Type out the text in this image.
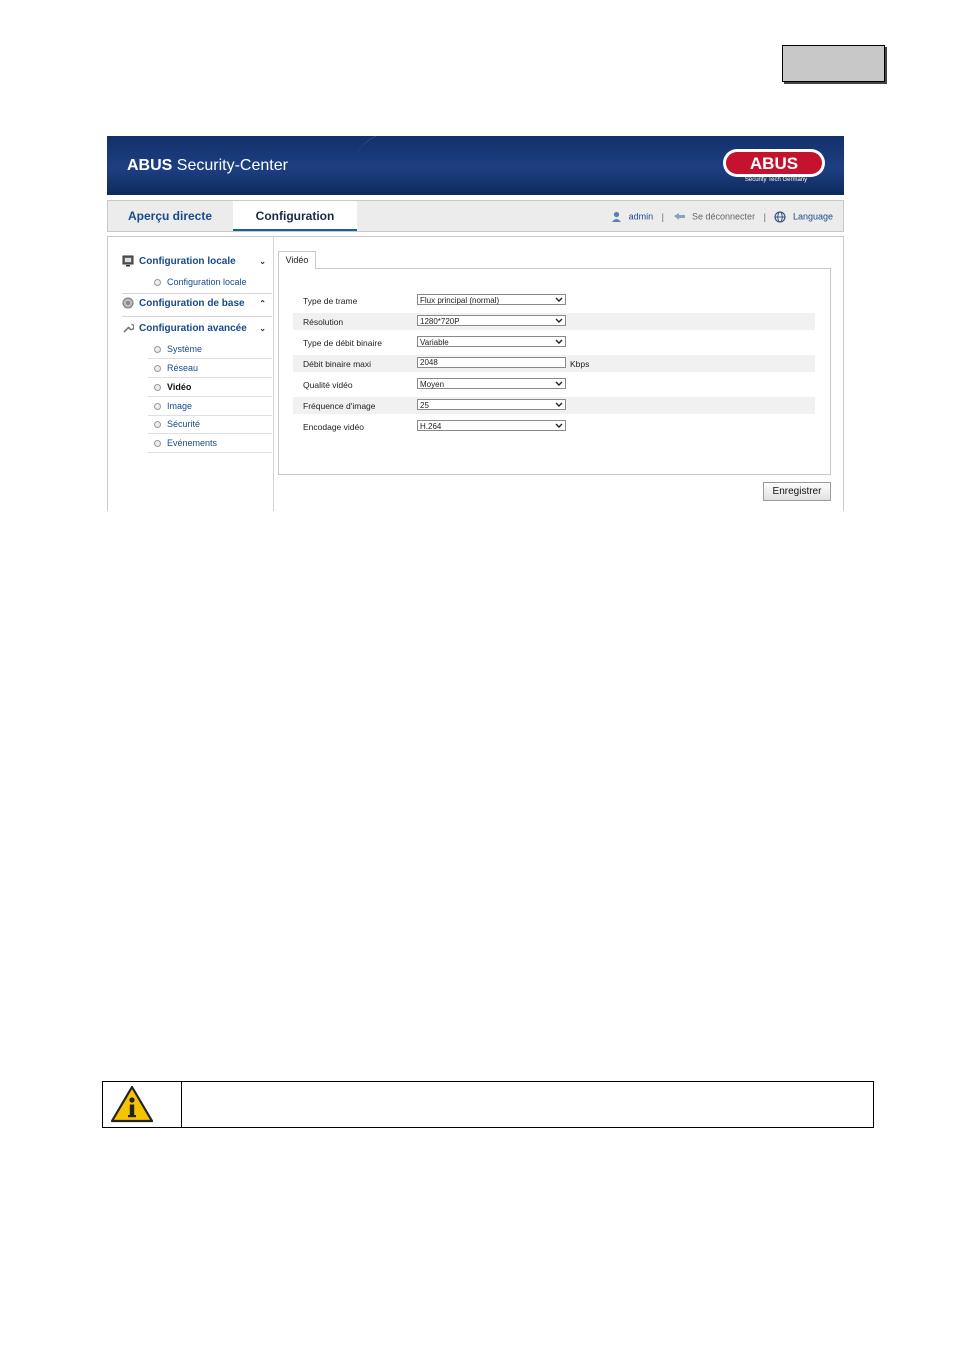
ABUS Security-Center	ABUS
Security Tech Germany
Aperçu directe	Configuration	admin |	Se déconnecter |	Language
Configuration locale	⌄
Configuration locale
Configuration de base ⌃
Configuration avancée ⌄
Système
Réseau
Vidéo
Image
Sécurité
Evénements
Vidéo
Type de trame	Flux principal (normal)
Résolution	1280*720P
Type de débit binaire	Variable
Débit binaire maxi	2048	Kbps
Qualité vidéo	Moyen
Fréquence d'image	25
Encodage vidéo	H.264
Enregistrer
